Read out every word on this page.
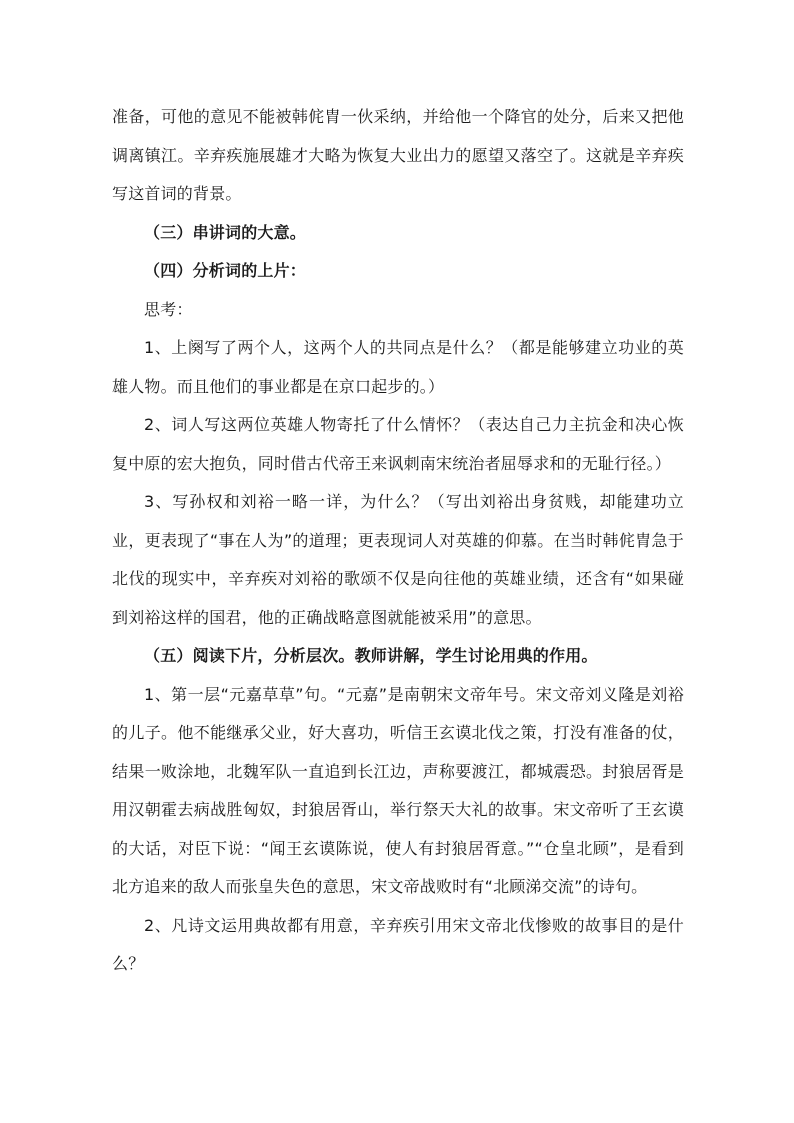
准备，可他的意见不能被韩侂胄一伙采纳，并给他一个降官的处分，后来又把他调离镇江。辛弃疾施展雄才大略为恢复大业出力的愿望又落空了。这就是辛弃疾写这首词的背景。

（三）串讲词的大意。

（四）分析词的上片：

思考：

1、上阕写了两个人，这两个人的共同点是什么？（都是能够建立功业的英雄人物。而且他们的事业都是在京口起步的。）

2、词人写这两位英雄人物寄托了什么情怀？（表达自己力主抗金和决心恢复中原的宏大抱负，同时借古代帝王来讽刺南宋统治者屈辱求和的无耻行径。）

3、写孙权和刘裕一略一详，为什么？（写出刘裕出身贫贱，却能建功立业，更表现了“事在人为”的道理；更表现词人对英雄的仰慕。在当时韩侂胄急于北伐的现实中，辛弃疾对刘裕的歌颂不仅是向往他的英雄业绩，还含有“如果碰到刘裕这样的国君，他的正确战略意图就能被采用”的意思。

（五）阅读下片，分析层次。教师讲解，学生讨论用典的作用。

1、第一层“元嘉草草”句。“元嘉”是南朝宋文帝年号。宋文帝刘义隆是刘裕的儿子。他不能继承父业，好大喜功，听信王玄谟北伐之策，打没有准备的仗，结果一败涂地，北魏军队一直追到长江边，声称要渡江，都城震恐。封狼居胥是用汉朝霍去病战胜匈奴，封狼居胥山，举行祭天大礼的故事。宋文帝听了王玄谟的大话，对臣下说：“闻王玄谟陈说，使人有封狼居胥意。”“仓皇北顾”，是看到北方追来的敌人而张皇失色的意思，宋文帝战败时有“北顾涕交流”的诗句。

2、凡诗文运用典故都有用意，辛弃疾引用宋文帝北伐惨败的故事目的是什么？
